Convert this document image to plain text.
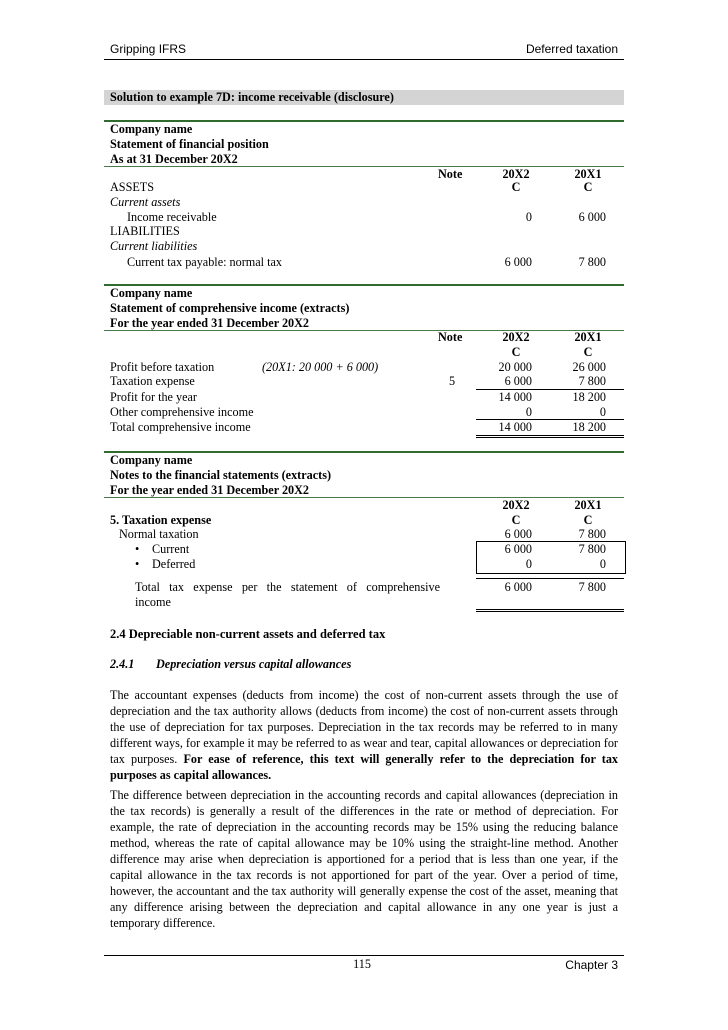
Gripping IFRS	Deferred taxation
Solution to example 7D: income receivable (disclosure)
Company name
Statement of financial position
As at 31 December 20X2
Note	20X2	20X1
ASSETS	C	C
Current assets
Income receivable	0	6 000
LIABILITIES
Current liabilities
Current tax payable: normal tax	6 000	7 800
Company name
Statement of comprehensive income (extracts)
For the year ended 31 December 20X2
Note	20X2	20X1
C	C
Profit before taxation	(20X1: 20 000 + 6 000)	20 000	26 000
Taxation expense	5	6 000	7 800
Profit for the year	14 000	18 200
Other comprehensive income	0	0
Total comprehensive income	14 000	18 200
Company name
Notes to the financial statements (extracts)
For the year ended 31 December 20X2
20X2	20X1
5. Taxation expense	C	C
Normal taxation	6 000	7 800
• Current	6 000	7 800
• Deferred	0	0
Total tax expense per the statement of comprehensive
income
6 000	7 800
2.4 Depreciable non-current assets and deferred tax
2.4.1 Depreciation versus capital allowances
The accountant expenses (deducts from income) the cost of non-current assets through the use of depreciation and the tax authority allows (deducts from income) the cost of non-current assets through the use of depreciation for tax purposes. Depreciation in the tax records may be referred to in many different ways, for example it may be referred to as wear and tear, capital allowances or depreciation for tax purposes. For ease of reference, this text will generally refer to the depreciation for tax purposes as capital allowances.
The difference between depreciation in the accounting records and capital allowances (depreciation in the tax records) is generally a result of the differences in the rate or method of depreciation. For example, the rate of depreciation in the accounting records may be 15% using the reducing balance method, whereas the rate of capital allowance may be 10% using the straight-line method. Another difference may arise when depreciation is apportioned for a period that is less than one year, if the capital allowance in the tax records is not apportioned for part of the year. Over a period of time, however, the accountant and the tax authority will generally expense the cost of the asset, meaning that any difference arising between the depreciation and capital allowance in any one year is just a temporary difference.
115	Chapter 3
